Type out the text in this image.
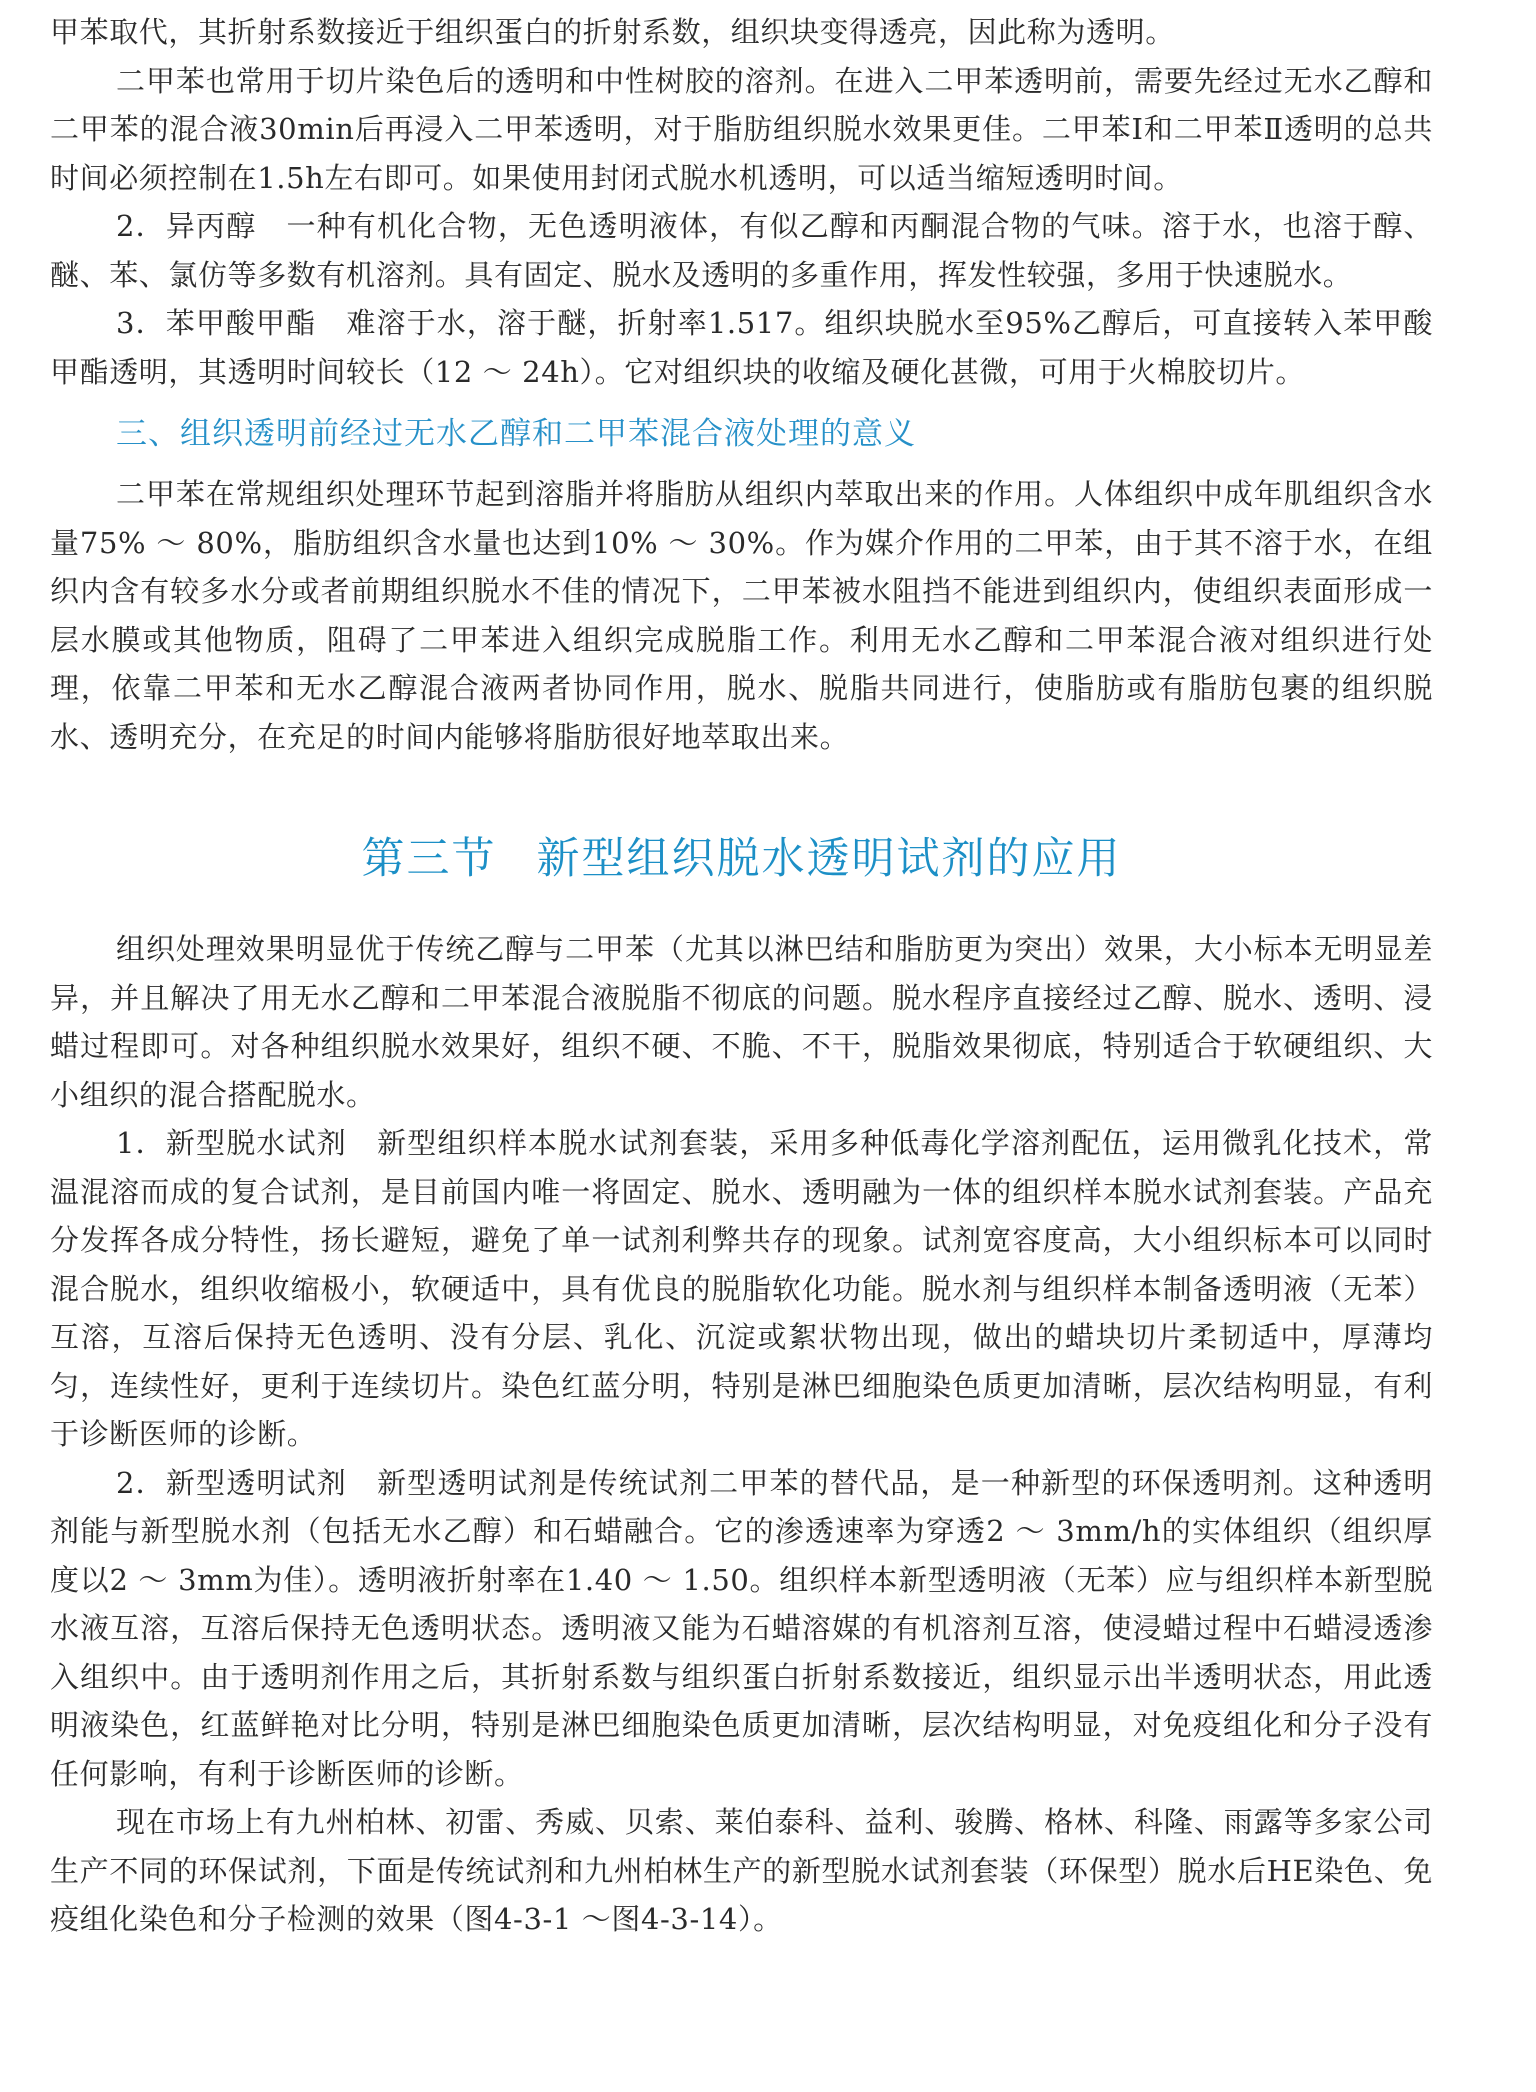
甲苯取代，其折射系数接近于组织蛋白的折射系数，组织块变得透亮，因此称为透明。

二甲苯也常用于切片染色后的透明和中性树胶的溶剂。在进入二甲苯透明前，需要先经过无水乙醇和二甲苯的混合液30min后再浸入二甲苯透明，对于脂肪组织脱水效果更佳。二甲苯Ⅰ和二甲苯Ⅱ透明的总共时间必须控制在1.5h左右即可。如果使用封闭式脱水机透明，可以适当缩短透明时间。

2．异丙醇　一种有机化合物，无色透明液体，有似乙醇和丙酮混合物的气味。溶于水，也溶于醇、醚、苯、氯仿等多数有机溶剂。具有固定、脱水及透明的多重作用，挥发性较强，多用于快速脱水。

3．苯甲酸甲酯　难溶于水，溶于醚，折射率1.517。组织块脱水至95%乙醇后，可直接转入苯甲酸甲酯透明，其透明时间较长（12 ～ 24h）。它对组织块的收缩及硬化甚微，可用于火棉胶切片。

三、组织透明前经过无水乙醇和二甲苯混合液处理的意义

二甲苯在常规组织处理环节起到溶脂并将脂肪从组织内萃取出来的作用。人体组织中成年肌组织含水量75% ～ 80%，脂肪组织含水量也达到10% ～ 30%。作为媒介作用的二甲苯，由于其不溶于水，在组织内含有较多水分或者前期组织脱水不佳的情况下，二甲苯被水阻挡不能进到组织内，使组织表面形成一层水膜或其他物质，阻碍了二甲苯进入组织完成脱脂工作。利用无水乙醇和二甲苯混合液对组织进行处理，依靠二甲苯和无水乙醇混合液两者协同作用，脱水、脱脂共同进行，使脂肪或有脂肪包裹的组织脱水、透明充分，在充足的时间内能够将脂肪很好地萃取出来。

第三节 新型组织脱水透明试剂的应用

组织处理效果明显优于传统乙醇与二甲苯（尤其以淋巴结和脂肪更为突出）效果，大小标本无明显差异，并且解决了用无水乙醇和二甲苯混合液脱脂不彻底的问题。脱水程序直接经过乙醇、脱水、透明、浸蜡过程即可。对各种组织脱水效果好，组织不硬、不脆、不干，脱脂效果彻底，特别适合于软硬组织、大小组织的混合搭配脱水。

1．新型脱水试剂　新型组织样本脱水试剂套装，采用多种低毒化学溶剂配伍，运用微乳化技术，常温混溶而成的复合试剂，是目前国内唯一将固定、脱水、透明融为一体的组织样本脱水试剂套装。产品充分发挥各成分特性，扬长避短，避免了单一试剂利弊共存的现象。试剂宽容度高，大小组织标本可以同时混合脱水，组织收缩极小，软硬适中，具有优良的脱脂软化功能。脱水剂与组织样本制备透明液（无苯）互溶，互溶后保持无色透明、没有分层、乳化、沉淀或絮状物出现，做出的蜡块切片柔韧适中，厚薄均匀，连续性好，更利于连续切片。染色红蓝分明，特别是淋巴细胞染色质更加清晰，层次结构明显，有利于诊断医师的诊断。

2．新型透明试剂　新型透明试剂是传统试剂二甲苯的替代品，是一种新型的环保透明剂。这种透明剂能与新型脱水剂（包括无水乙醇）和石蜡融合。它的渗透速率为穿透2 ～ 3mm/h的实体组织（组织厚度以2 ～ 3mm为佳）。透明液折射率在1.40 ～ 1.50。组织样本新型透明液（无苯）应与组织样本新型脱水液互溶，互溶后保持无色透明状态。透明液又能为石蜡溶媒的有机溶剂互溶，使浸蜡过程中石蜡浸透渗入组织中。由于透明剂作用之后，其折射系数与组织蛋白折射系数接近，组织显示出半透明状态，用此透明液染色，红蓝鲜艳对比分明，特别是淋巴细胞染色质更加清晰，层次结构明显，对免疫组化和分子没有任何影响，有利于诊断医师的诊断。

现在市场上有九州柏林、初雷、秀威、贝索、莱伯泰科、益利、骏腾、格林、科隆、雨露等多家公司生产不同的环保试剂，下面是传统试剂和九州柏林生产的新型脱水试剂套装（环保型）脱水后HE染色、免疫组化染色和分子检测的效果（图4-3-1 ～图4-3-14）。
